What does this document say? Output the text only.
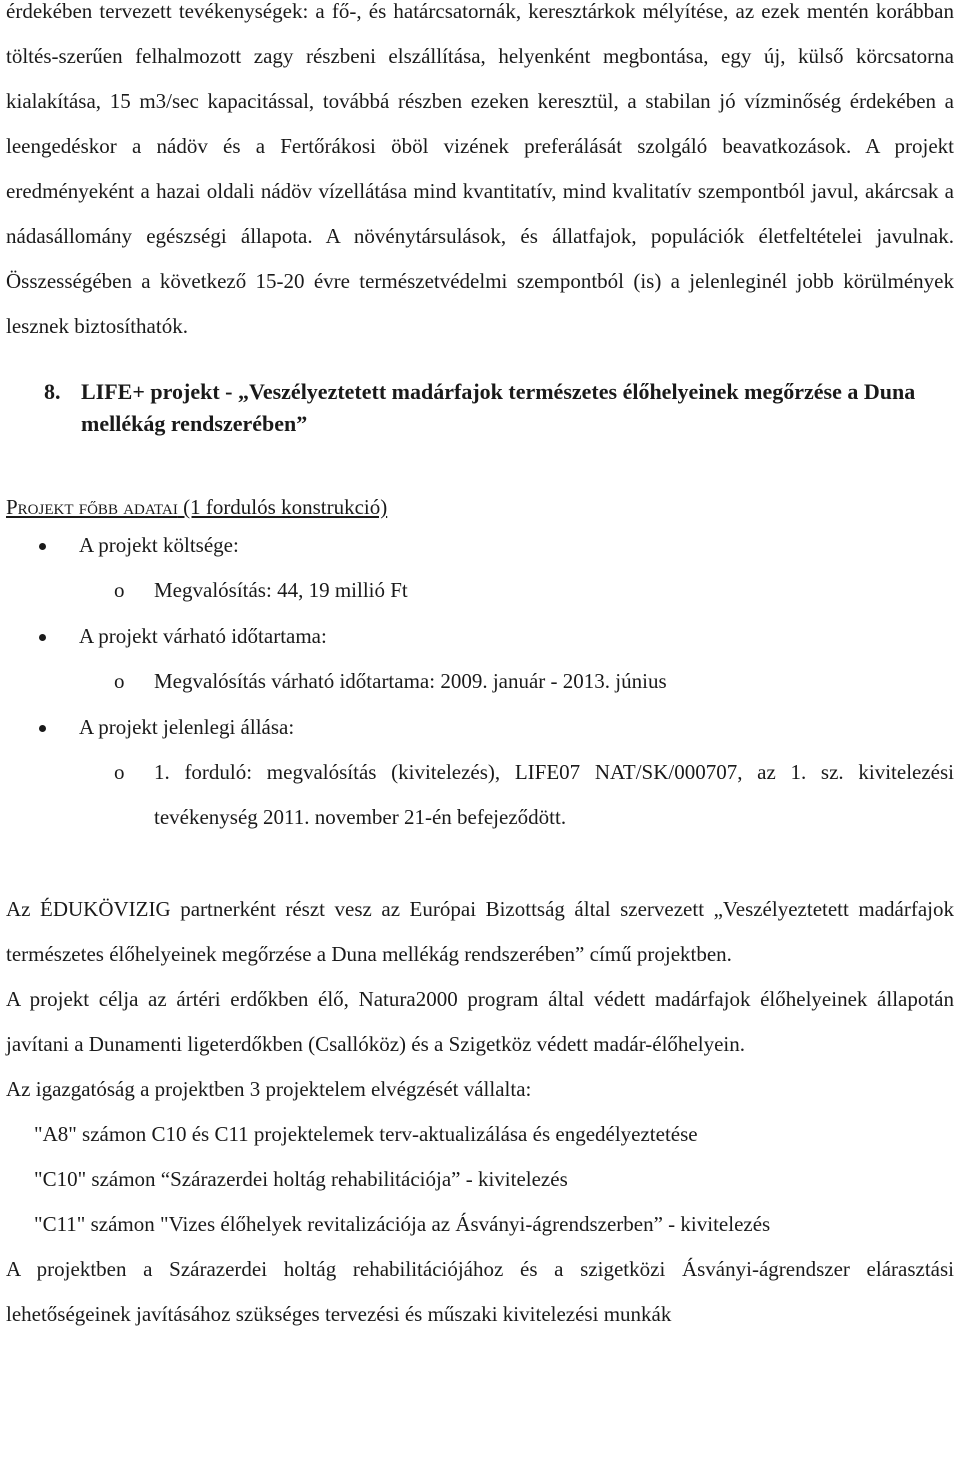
érdekében tervezett tevékenységek: a fő-, és határcsatornák, keresztárkok mélyítése, az ezek mentén korábban töltés-szerűen felhalmozott zagy részbeni elszállítása, helyenként megbontása, egy új, külső körcsatorna kialakítása, 15 m3/sec kapacitással, továbbá részben ezeken keresztül, a stabilan jó vízminőség érdekében a leengedéskor a nádöv és a Fertőrákosi öböl vizének preferálását szolgáló beavatkozások. A projekt eredményeként a hazai oldali nádöv vízellátása mind kvantitatív, mind kvalitatív szempontból javul, akárcsak a nádasállomány egészségi állapota. A növénytársulások, és állatfajok, populációk életfeltételei javulnak. Összességében a következő 15-20 évre természetvédelmi szempontból (is) a jelenleginél jobb körülmények lesznek biztosíthatók.

8. LIFE+ projekt - „Veszélyeztetett madárfajok természetes élőhelyeinek megőrzése a Duna mellékág rendszerében”
Projekt főbb adatai (1 fordulós konstrukció)
A projekt költsége:
o	Megvalósítás: 44, 19 millió Ft
A projekt várható időtartama:
o	Megvalósítás várható időtartama: 2009. január - 2013. június
A projekt jelenlegi állása:
o	1. forduló: megvalósítás (kivitelezés), LIFE07 NAT/SK/000707, az 1. sz. kivitelezési tevékenység 2011. november 21-én befejeződött.

Az ÉDUKÖVIZIG partnerként részt vesz az Európai Bizottság által szervezett „Veszélyeztetett madárfajok természetes élőhelyeinek megőrzése a Duna mellékág rendszerében” című projektben.

A projekt célja az ártéri erdőkben élő, Natura2000 program által védett madárfajok élőhelyeinek állapotán javítani a Dunamenti ligeterdőkben (Csallóköz) és a Szigetköz védett madár-élőhelyein.

Az igazgatóság a projektben 3 projektelem elvégzését vállalta:

"A8" számon C10 és C11 projektelemek terv-aktualizálása és engedélyeztetése
"C10" számon “Szárazerdei holtág rehabilitációja” - kivitelezés
"C11" számon "Vizes élőhelyek revitalizációja az Ásványi-ágrendszerben” - kivitelezés

A projektben a Szárazerdei holtág rehabilitációjához és a szigetközi Ásványi-ágrendszer elárasztási lehetőségeinek javításához szükséges tervezési és műszaki kivitelezési munkák
